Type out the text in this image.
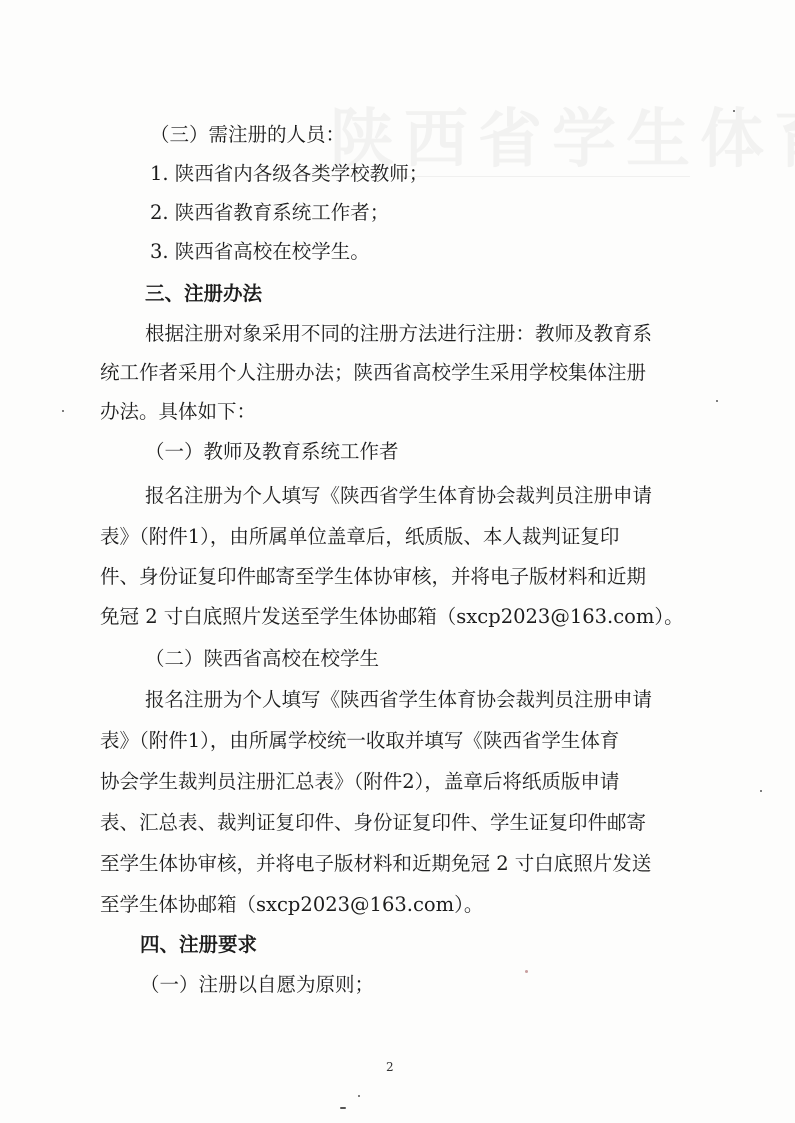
（三）需注册的人员：
1. 陕西省内各级各类学校教师；
2. 陕西省教育系统工作者；
3. 陕西省高校在校学生。
三、注册办法
根据注册对象采用不同的注册方法进行注册：教师及教育系
统工作者采用个人注册办法；陕西省高校学生采用学校集体注册
办法。具体如下：
（一）教师及教育系统工作者
报名注册为个人填写《陕西省学生体育协会裁判员注册申请
表》（附件1），由所属单位盖章后，纸质版、本人裁判证复印
件、身份证复印件邮寄至学生体协审核，并将电子版材料和近期
免冠 2 寸白底照片发送至学生体协邮箱（sxcp2023@163.com）。
（二）陕西省高校在校学生
报名注册为个人填写《陕西省学生体育协会裁判员注册申请
表》（附件1），由所属学校统一收取并填写《陕西省学生体育
协会学生裁判员注册汇总表》（附件2），盖章后将纸质版申请
表、汇总表、裁判证复印件、身份证复印件、学生证复印件邮寄
至学生体协审核，并将电子版材料和近期免冠 2 寸白底照片发送
至学生体协邮箱（sxcp2023@163.com）。
四、注册要求
（一）注册以自愿为原则；
2
